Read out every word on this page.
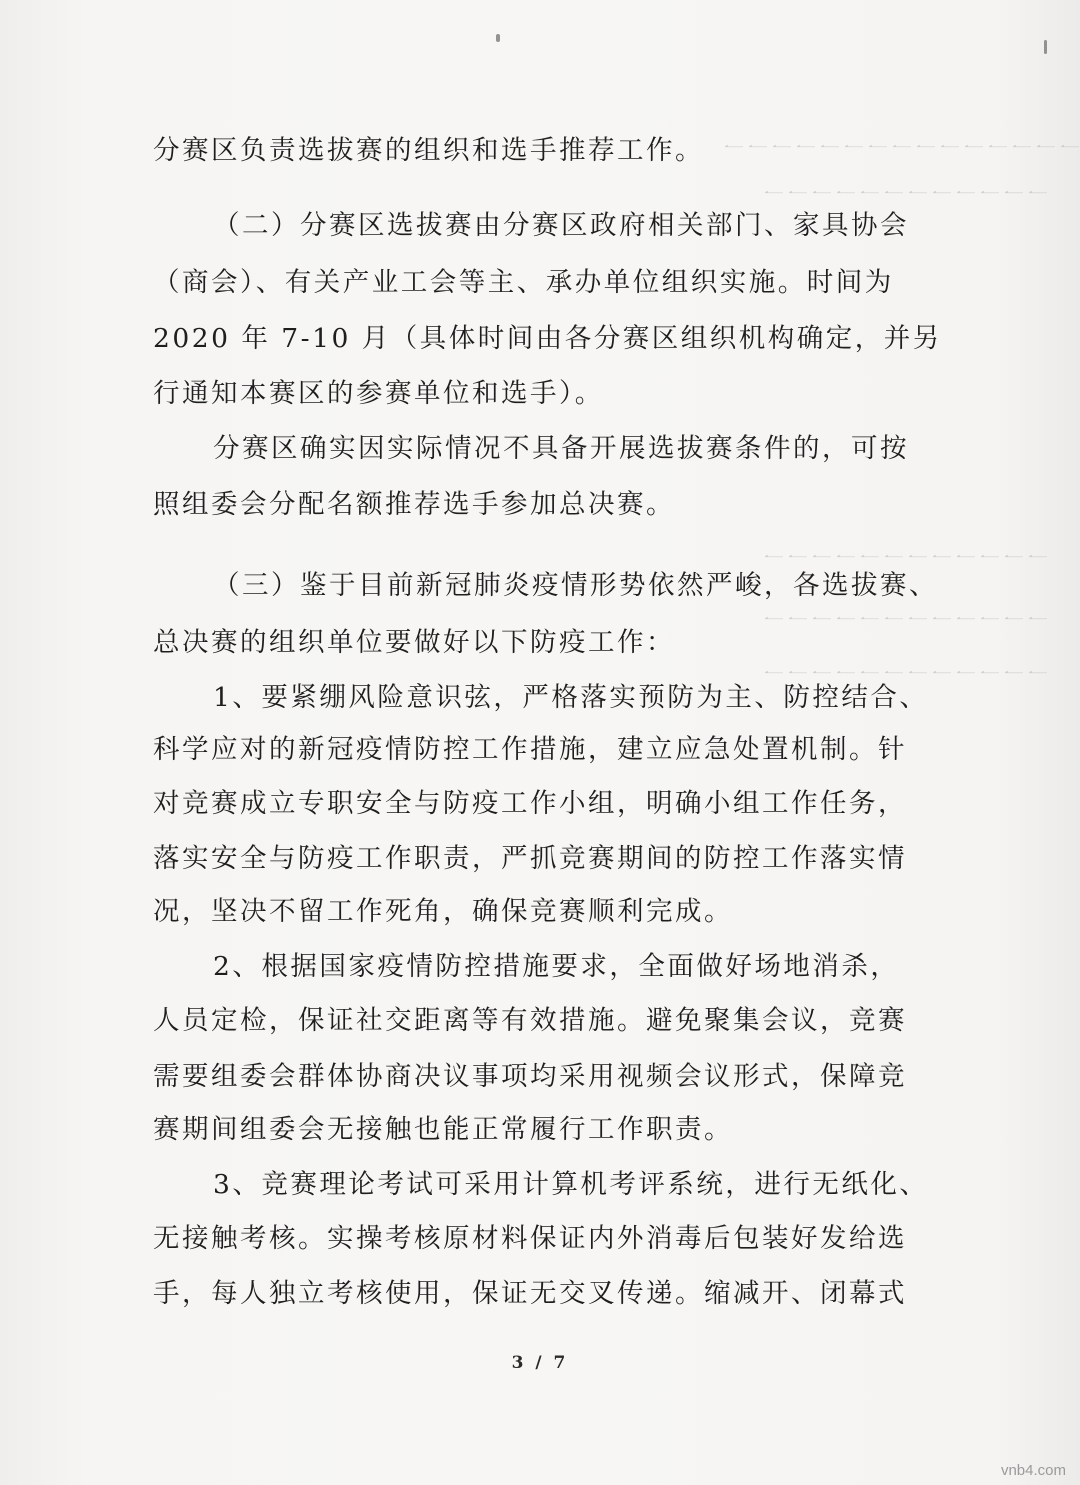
一一一一一一一一一一一一一一一
一一一一一一一一一一一一
一一一一一一一一一一一一
一一一一一一一一一一一一
一一一一一一一一一一一一
分赛区负责选拔赛的组织和选手推荐工作。
（二）分赛区选拔赛由分赛区政府相关部门、家具协会
（商会）、有关产业工会等主、承办单位组织实施。时间为
2020 年 7-10 月（具体时间由各分赛区组织机构确定，并另
行通知本赛区的参赛单位和选手）。
分赛区确实因实际情况不具备开展选拔赛条件的，可按
照组委会分配名额推荐选手参加总决赛。
（三）鉴于目前新冠肺炎疫情形势依然严峻，各选拔赛、
总决赛的组织单位要做好以下防疫工作：
1、要紧绷风险意识弦，严格落实预防为主、防控结合、
科学应对的新冠疫情防控工作措施，建立应急处置机制。针
对竞赛成立专职安全与防疫工作小组，明确小组工作任务，
落实安全与防疫工作职责，严抓竞赛期间的防控工作落实情
况，坚决不留工作死角，确保竞赛顺利完成。
2、根据国家疫情防控措施要求，全面做好场地消杀，
人员定检，保证社交距离等有效措施。避免聚集会议，竞赛
需要组委会群体协商决议事项均采用视频会议形式，保障竞
赛期间组委会无接触也能正常履行工作职责。
3、竞赛理论考试可采用计算机考评系统，进行无纸化、
无接触考核。实操考核原材料保证内外消毒后包装好发给选
手，每人独立考核使用，保证无交叉传递。缩减开、闭幕式
3 / 7
vnb4.com
